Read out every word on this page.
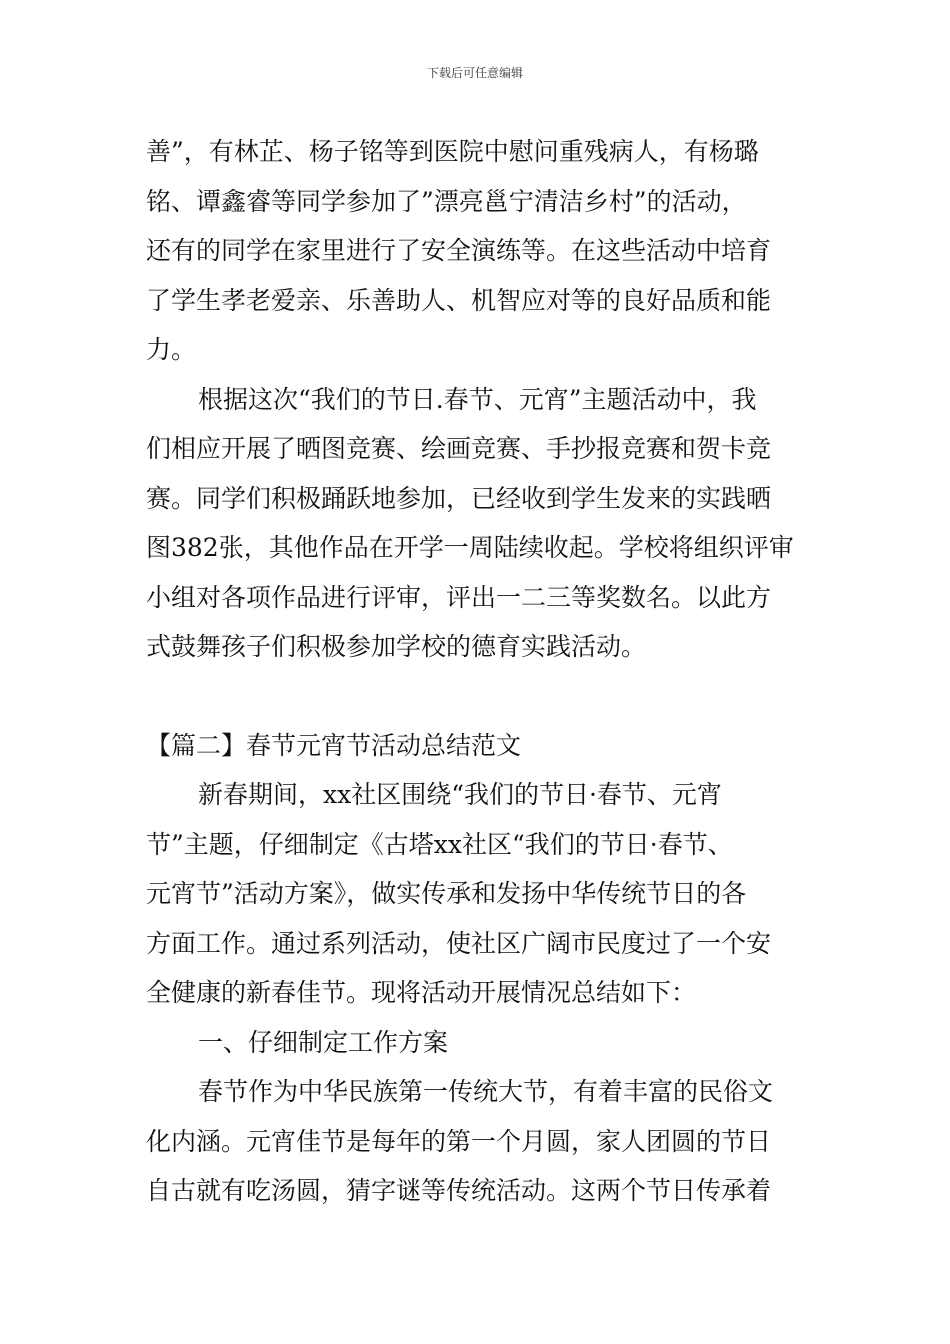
下载后可任意编辑
善”，有林芷、杨子铭等到医院中慰问重残病人，有杨璐
铭、谭鑫睿等同学参加了”漂亮邕宁清洁乡村”的活动，
还有的同学在家里进行了安全演练等。在这些活动中培育
了学生孝老爱亲、乐善助人、机智应对等的良好品质和能
力。
根据这次“我们的节日.春节、元宵”主题活动中，我
们相应开展了晒图竞赛、绘画竞赛、手抄报竞赛和贺卡竞
赛。同学们积极踊跃地参加，已经收到学生发来的实践晒
图382张，其他作品在开学一周陆续收起。学校将组织评审
小组对各项作品进行评审，评出一二三等奖数名。以此方
式鼓舞孩子们积极参加学校的德育实践活动。
【篇二】春节元宵节活动总结范文
新春期间，xx社区围绕“我们的节日·春节、元宵
节”主题，仔细制定《古塔xx社区“我们的节日·春节、
元宵节”活动方案》，做实传承和发扬中华传统节日的各
方面工作。通过系列活动，使社区广阔市民度过了一个安
全健康的新春佳节。现将活动开展情况总结如下：
一、仔细制定工作方案
春节作为中华民族第一传统大节，有着丰富的民俗文
化内涵。元宵佳节是每年的第一个月圆，家人团圆的节日
自古就有吃汤圆，猜字谜等传统活动。这两个节日传承着
